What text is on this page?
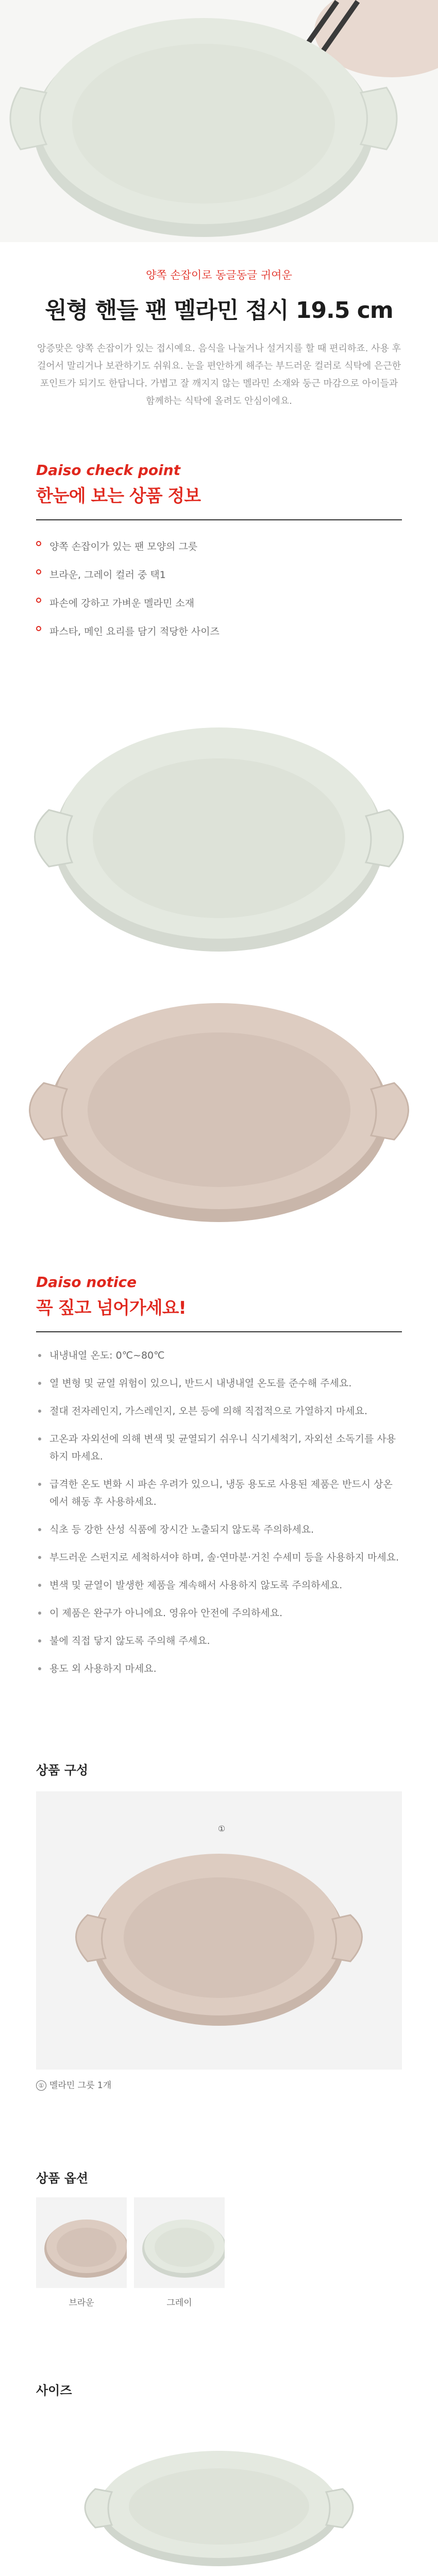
양쪽 손잡이로 동글동글 귀여운
원형 핸들 팬 멜라민 접시 19.5 cm
앙증맞은 양쪽 손잡이가 있는 접시예요. 음식을 나눌거나 설거지를 할 때 편리하죠. 사용 후 걸어서 말리거나 보관하기도 쉬워요. 눈을 편안하게 해주는 부드러운 컬러로 식탁에 은근한 포인트가 되기도 한답니다. 가볍고 잘 깨지지 않는 멜라민 소재와 둥근 마감으로 아이들과 함께하는 식탁에 올려도 안심이에요.
Daiso check point
한눈에 보는 상품 정보
양쪽 손잡이가 있는 팬 모양의 그릇
브라운, 그레이 컬러 중 택1
파손에 강하고 가벼운 멜라민 소재
파스타, 메인 요리를 담기 적당한 사이즈
Daiso notice
꼭 짚고 넘어가세요!
내냉내열 온도: 0℃~80℃
열 변형 및 균열 위험이 있으니, 반드시 내냉내열 온도를 준수해 주세요.
절대 전자레인지, 가스레인지, 오븐 등에 의해 직접적으로 가열하지 마세요.
고온과 자외선에 의해 변색 및 균열되기 쉬우니 식기세척기, 자외선 소독기를 사용하지 마세요.
급격한 온도 변화 시 파손 우려가 있으니, 냉동 용도로 사용된 제품은 반드시 상온에서 해동 후 사용하세요.
식초 등 강한 산성 식품에 장시간 노출되지 않도록 주의하세요.
부드러운 스펀지로 세척하셔야 하며, 솔·연마분·거친 수세미 등을 사용하지 마세요.
변색 및 균열이 발생한 제품을 계속해서 사용하지 않도록 주의하세요.
이 제품은 완구가 아니에요. 영유아 안전에 주의하세요.
불에 직접 닿지 않도록 주의해 주세요.
용도 외 사용하지 마세요.
상품 구성
①
① 멜라민 그릇 1개
상품 옵션
브라운	그레이
사이즈
